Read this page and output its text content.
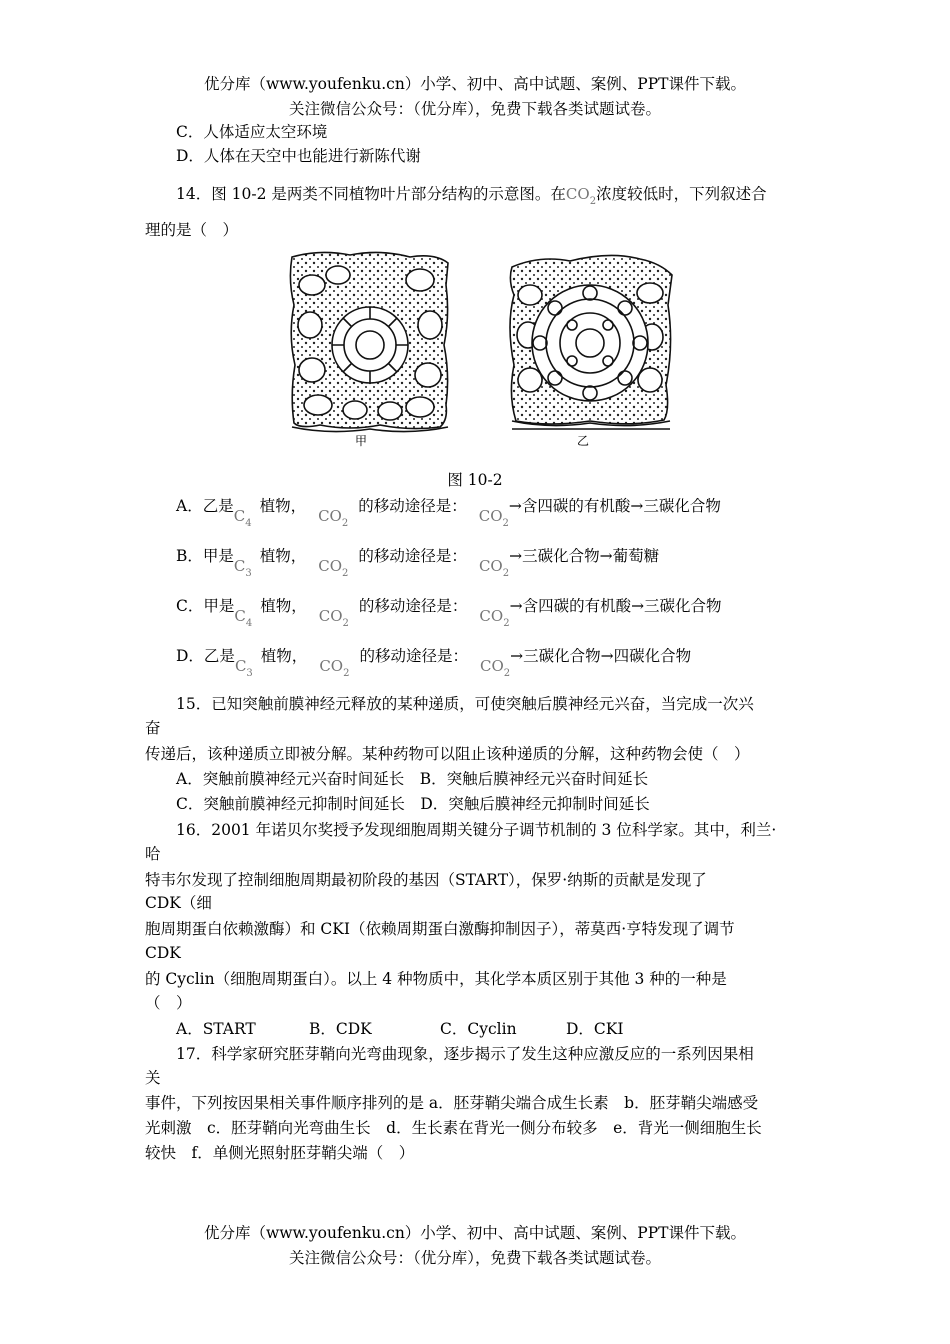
优分库（www.youfenku.cn）小学、初中、高中试题、案例、PPT课件下载。
关注微信公众号：（优分库），免费下载各类试题试卷。
C．人体适应太空环境
D．人体在天空中也能进行新陈代谢
14．图 10-2 是两类不同植物叶片部分结构的示意图。在$CO_2$浓度较低时，下列叙述合
理的是（　）
甲	乙
图 10-2
A．乙是$C_4$植物，$CO_2$的移动途径是：$CO_2\to$含四碳的有机酸→三碳化合物
B．甲是$C_3$植物，$CO_2$的移动途径是：$CO_2\to$三碳化合物→葡萄糖
C．甲是$C_4$植物，$CO_2$的移动途径是：$CO_2\to$含四碳的有机酸→三碳化合物
D．乙是$C_3$植物，$CO_2$的移动途径是：$CO_2\to$三碳化合物→四碳化合物
15．已知突触前膜神经元释放的某种递质，可使突触后膜神经元兴奋，当完成一次兴
奋
传递后，该种递质立即被分解。某种药物可以阻止该种递质的分解，这种药物会使（　）
A．突触前膜神经元兴奋时间延长　B．突触后膜神经元兴奋时间延长
C．突触前膜神经元抑制时间延长　D．突触后膜神经元抑制时间延长
16．2001 年诺贝尔奖授予发现细胞周期关键分子调节机制的 3 位科学家。其中，利兰·
哈
特韦尔发现了控制细胞周期最初阶段的基因（START），保罗·纳斯的贡献是发现了
CDK（细
胞周期蛋白依赖激酶）和 CKI（依赖周期蛋白激酶抑制因子），蒂莫西·亨特发现了调节
CDK
的 Cyclin（细胞周期蛋白）。以上 4 种物质中，其化学本质区别于其他 3 种的一种是
（　）
A．START	B．CDK	C．Cyclin	D．CKI
17．科学家研究胚芽鞘向光弯曲现象，逐步揭示了发生这种应激反应的一系列因果相
关
事件，下列按因果相关事件顺序排列的是 a．胚芽鞘尖端合成生长素　b．胚芽鞘尖端感受
光刺激　c．胚芽鞘向光弯曲生长　d．生长素在背光一侧分布较多　e．背光一侧细胞生长
较快　f．单侧光照射胚芽鞘尖端（　）
优分库（www.youfenku.cn）小学、初中、高中试题、案例、PPT课件下载。
关注微信公众号：（优分库），免费下载各类试题试卷。
